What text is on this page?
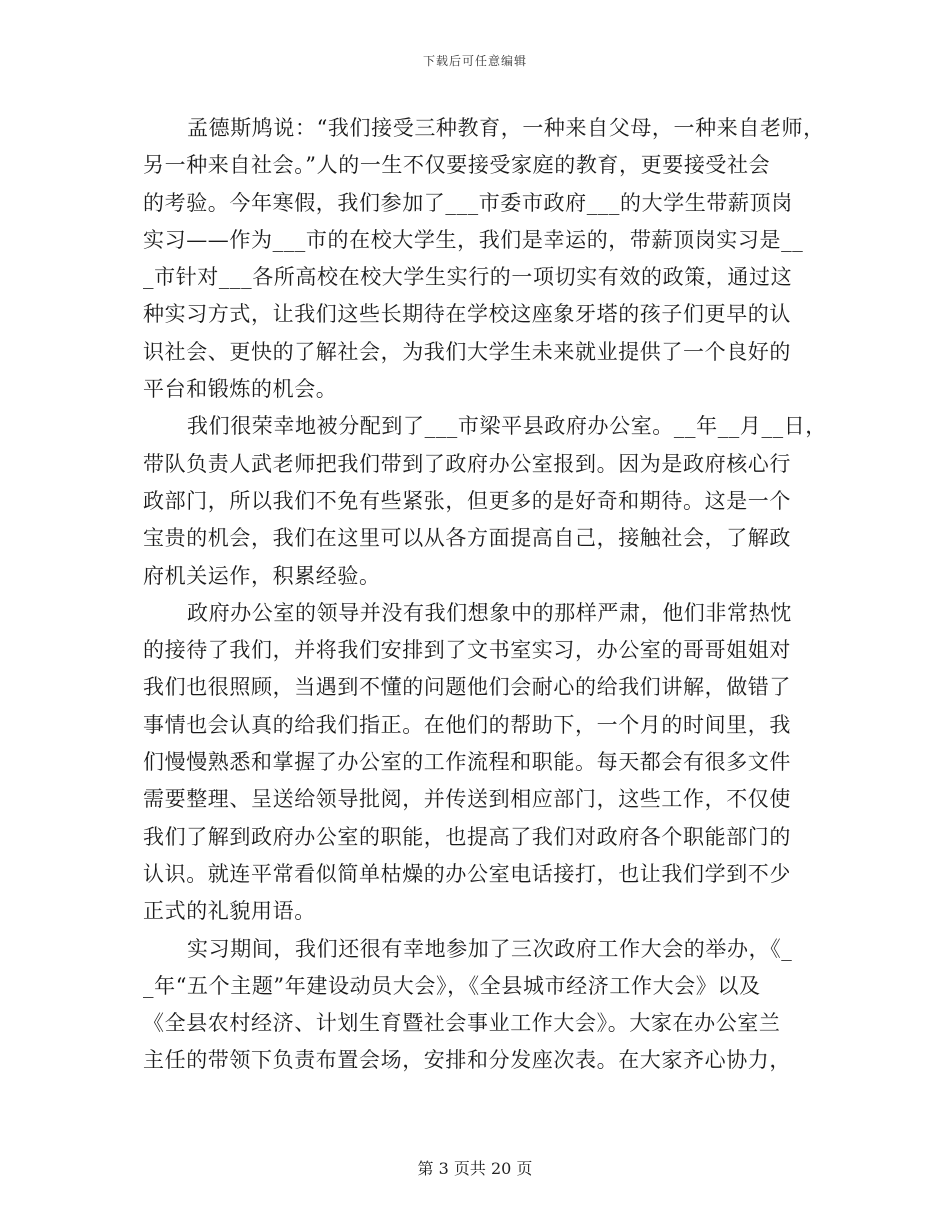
下载后可任意编辑
孟德斯鸠说：“我们接受三种教育，一种来自父母，一种来自老师，
另一种来自社会。”人的一生不仅要接受家庭的教育，更要接受社会
的考验。今年寒假，我们参加了___市委市政府___的大学生带薪顶岗
实习——作为___市的在校大学生，我们是幸运的，带薪顶岗实习是__
_市针对___各所高校在校大学生实行的一项切实有效的政策，通过这
种实习方式，让我们这些长期待在学校这座象牙塔的孩子们更早的认
识社会、更快的了解社会，为我们大学生未来就业提供了一个良好的
平台和锻炼的机会。
我们很荣幸地被分配到了___市梁平县政府办公室。__年__月__日，
带队负责人武老师把我们带到了政府办公室报到。因为是政府核心行
政部门，所以我们不免有些紧张，但更多的是好奇和期待。这是一个
宝贵的机会，我们在这里可以从各方面提高自己，接触社会，了解政
府机关运作，积累经验。
政府办公室的领导并没有我们想象中的那样严肃，他们非常热忱
的接待了我们，并将我们安排到了文书室实习，办公室的哥哥姐姐对
我们也很照顾，当遇到不懂的问题他们会耐心的给我们讲解，做错了
事情也会认真的给我们指正。在他们的帮助下，一个月的时间里，我
们慢慢熟悉和掌握了办公室的工作流程和职能。每天都会有很多文件
需要整理、呈送给领导批阅，并传送到相应部门，这些工作，不仅使
我们了解到政府办公室的职能，也提高了我们对政府各个职能部门的
认识。就连平常看似简单枯燥的办公室电话接打，也让我们学到不少
正式的礼貌用语。
实习期间，我们还很有幸地参加了三次政府工作大会的举办，《_
_年“五个主题”年建设动员大会》，《全县城市经济工作大会》以及
《全县农村经济、计划生育暨社会事业工作大会》。大家在办公室兰
主任的带领下负责布置会场，安排和分发座次表。在大家齐心协力，
第 3 页共 20 页
